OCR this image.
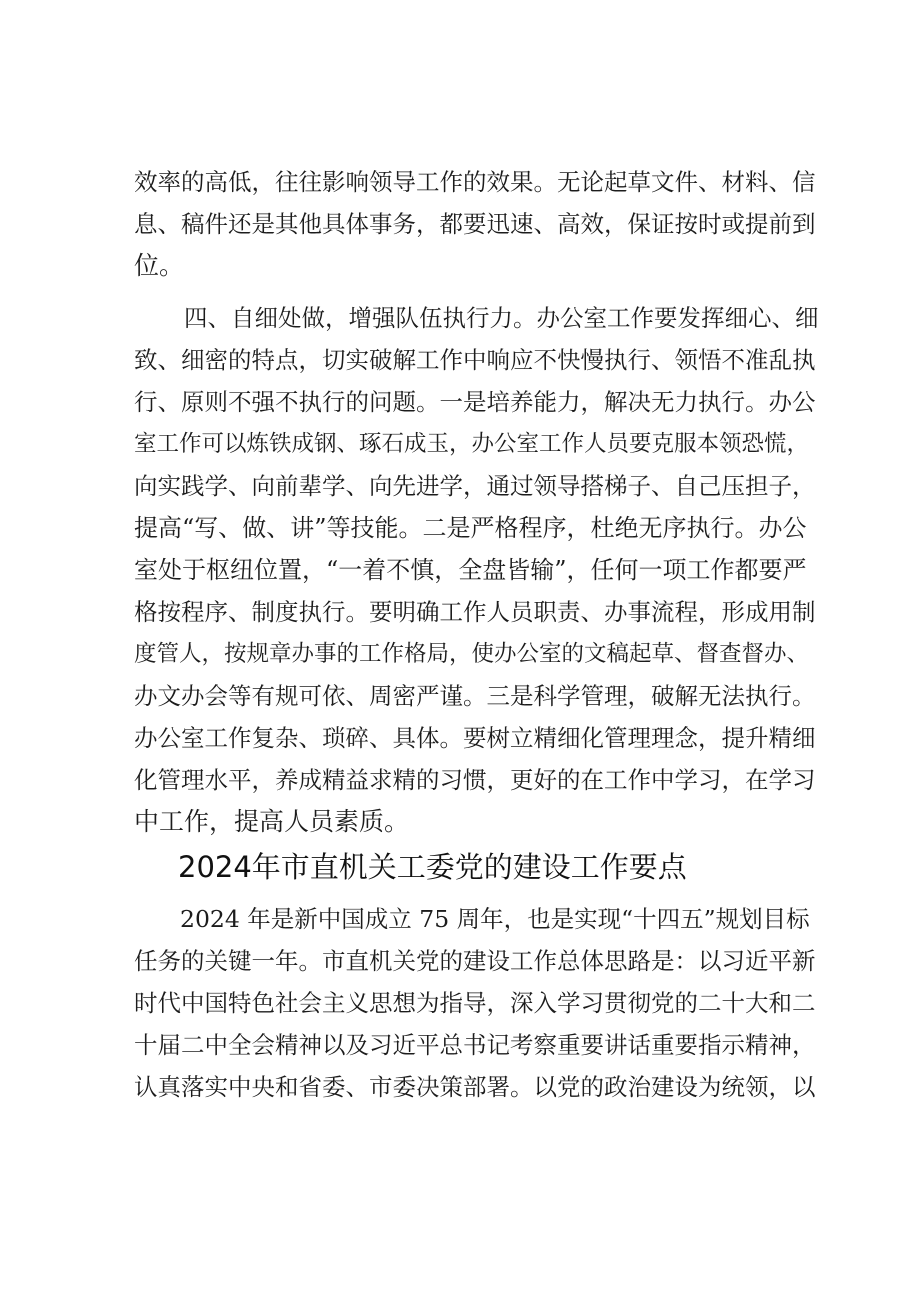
效率的高低，往往影响领导工作的效果。无论起草文件、材料、信
息、稿件还是其他具体事务，都要迅速、高效，保证按时或提前到
位。
四、自细处做，增强队伍执行力。办公室工作要发挥细心、细
致、细密的特点，切实破解工作中响应不快慢执行、领悟不准乱执
行、原则不强不执行的问题。一是培养能力，解决无力执行。办公
室工作可以炼铁成钢、琢石成玉，办公室工作人员要克服本领恐慌，
向实践学、向前辈学、向先进学，通过领导搭梯子、自己压担子，
提高“写、做、讲”等技能。二是严格程序，杜绝无序执行。办公
室处于枢纽位置，“一着不慎，全盘皆输”，任何一项工作都要严
格按程序、制度执行。要明确工作人员职责、办事流程，形成用制
度管人，按规章办事的工作格局，使办公室的文稿起草、督查督办、
办文办会等有规可依、周密严谨。三是科学管理，破解无法执行。
办公室工作复杂、琐碎、具体。要树立精细化管理理念，提升精细
化管理水平，养成精益求精的习惯，更好的在工作中学习，在学习
中工作，提高人员素质。
2024年市直机关工委党的建设工作要点
2024 年是新中国成立 75 周年，也是实现“十四五”规划目标
任务的关键一年。市直机关党的建设工作总体思路是：以习近平新
时代中国特色社会主义思想为指导，深入学习贯彻党的二十大和二
十届二中全会精神以及习近平总书记考察重要讲话重要指示精神，
认真落实中央和省委、市委决策部署。以党的政治建设为统领，以
